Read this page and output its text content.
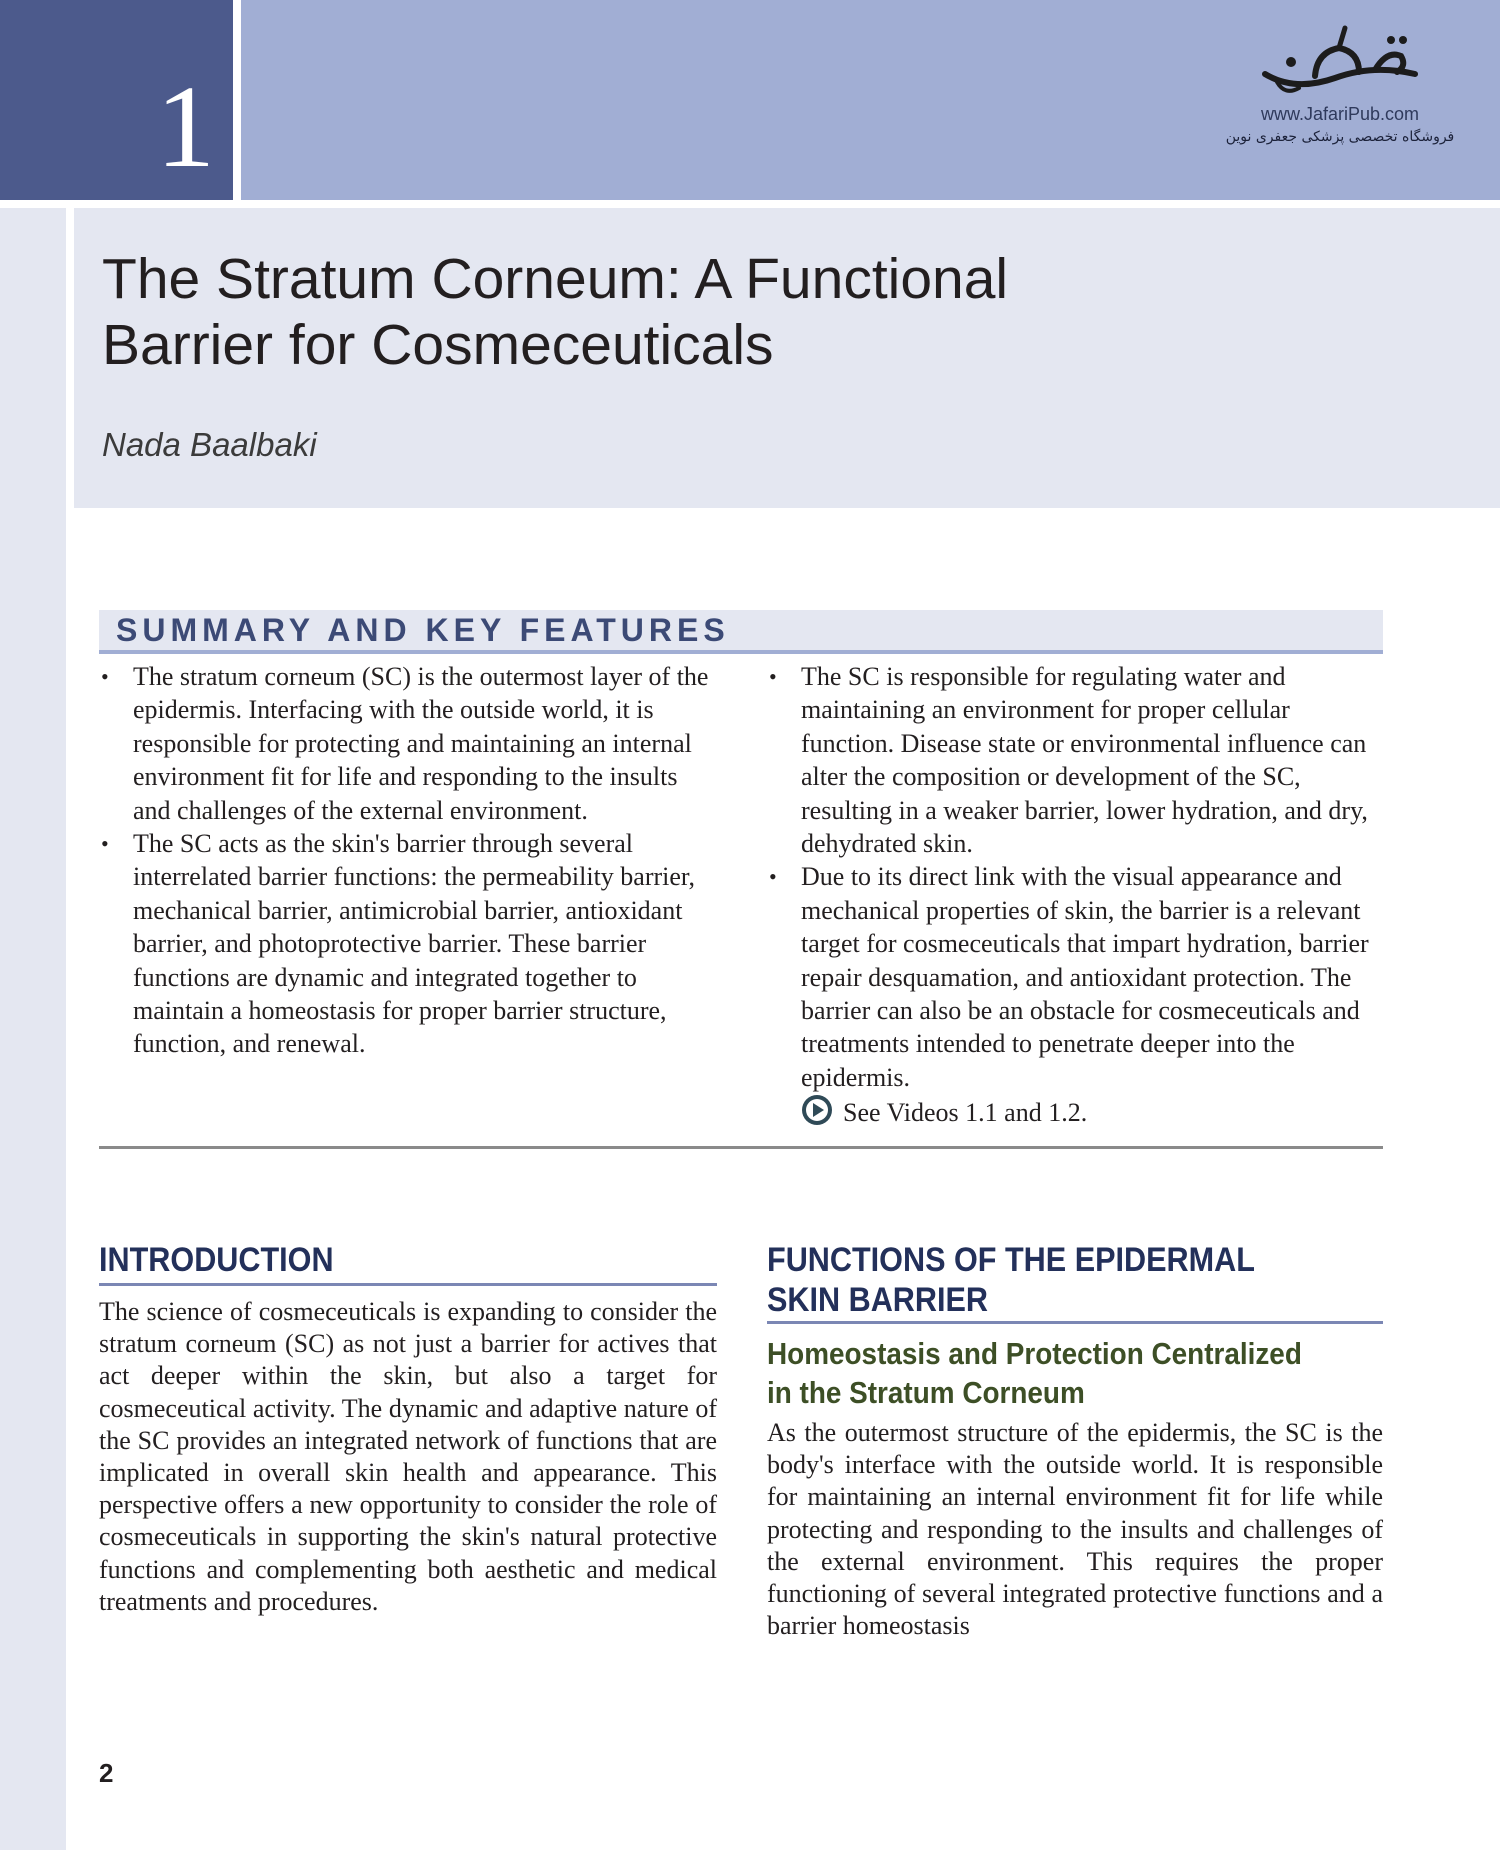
1	www.JafariPub.com
فروشگاه تخصصی پزشکی جعفری نوین
The Stratum Corneum: A Functional
Barrier for Cosmeceuticals
Nada Baalbaki
SUMMARY AND KEY FEATURES
• The stratum corneum (SC) is the outermost layer of the epidermis. Interfacing with the outside world, it is responsible for protecting and maintaining an internal environment fit for life and responding to the insults and challenges of the external environment.
• The SC acts as the skin's barrier through several interrelated barrier functions: the permeability barrier, mechanical barrier, antimicrobial barrier, antioxidant barrier, and photoprotective barrier. These barrier functions are dynamic and integrated together to maintain a homeostasis for proper barrier structure, function, and renewal.
• The SC is responsible for regulating water and maintaining an environment for proper cellular function. Disease state or environmental influence can alter the composition or development of the SC, resulting in a weaker barrier, lower hydration, and dry, dehydrated skin.
• Due to its direct link with the visual appearance and mechanical properties of skin, the barrier is a relevant target for cosmeceuticals that impart hydration, barrier repair desquamation, and antioxidant protection. The barrier can also be an obstacle for cosmeceuticals and treatments intended to penetrate deeper into the epidermis.
See Videos 1.1 and 1.2.
INTRODUCTION

The science of cosmeceuticals is expanding to consider the stratum corneum (SC) as not just a barrier for actives that act deeper within the skin, but also a target for cosmeceutical activity. The dynamic and adaptive nature of the SC provides an integrated network of functions that are implicated in overall skin health and appearance. This perspective offers a new opportunity to consider the role of cosmeceuticals in supporting the skin's natural protective functions and complementing both aesthetic and medical treatments and procedures.

FUNCTIONS OF THE EPIDERMAL
SKIN BARRIER
Homeostasis and Protection Centralized
in the Stratum Corneum

As the outermost structure of the epidermis, the SC is the body's interface with the outside world. It is responsible for maintaining an internal environment fit for life while protecting and responding to the insults and challenges of the external environment. This requires the proper functioning of several integrated protective functions and a barrier homeostasis

2
